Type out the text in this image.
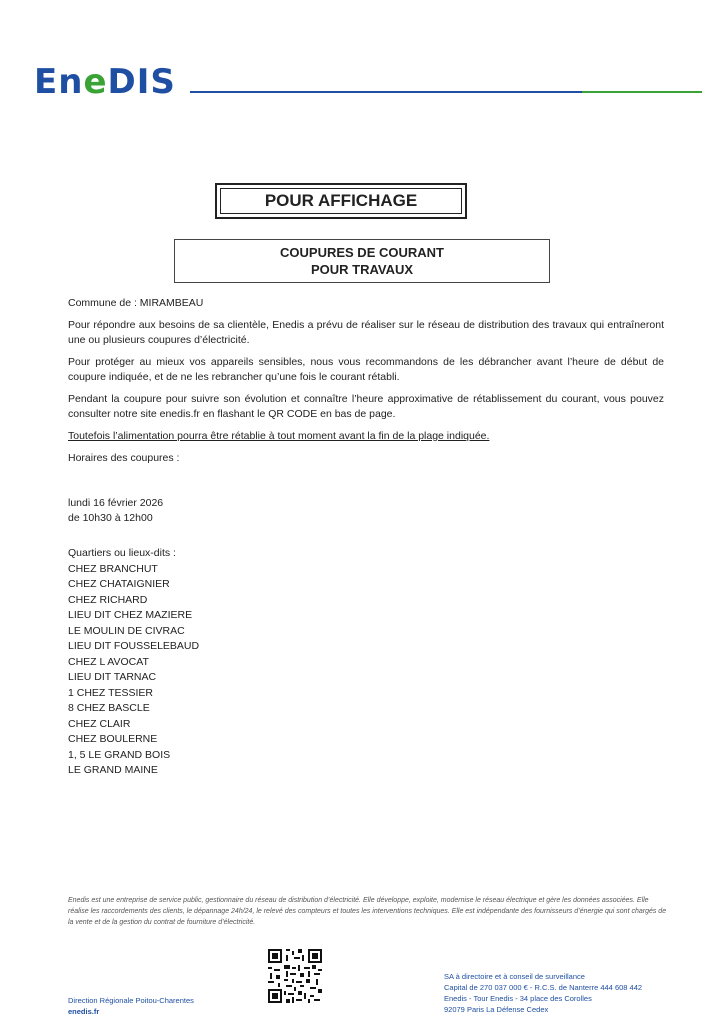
EneDIS
POUR AFFICHAGE
COUPURES DE COURANT
POUR TRAVAUX

Commune de : MIRAMBEAU

Pour répondre aux besoins de sa clientèle, Enedis a prévu de réaliser sur le réseau de distribution des travaux qui entraîneront une ou plusieurs coupures d’électricité.

Pour protéger au mieux vos appareils sensibles, nous vous recommandons de les débrancher avant l’heure de début de coupure indiquée, et de ne les rebrancher qu’une fois le courant rétabli.

Pendant la coupure pour suivre son évolution et connaître l’heure approximative de rétablissement du courant, vous pouvez consulter notre site enedis.fr en flashant le QR CODE en bas de page.

Toutefois l’alimentation pourra être rétablie à tout moment avant la fin de la plage indiquée.

Horaires des coupures :

lundi 16 février 2026
de 10h30 à 12h00
Quartiers ou lieux-dits :
CHEZ BRANCHUT
CHEZ CHATAIGNIER
CHEZ RICHARD
LIEU DIT CHEZ MAZIERE
LE MOULIN DE CIVRAC
LIEU DIT FOUSSELEBAUD
CHEZ L AVOCAT
LIEU DIT TARNAC
1 CHEZ TESSIER
8 CHEZ BASCLE
CHEZ CLAIR
CHEZ BOULERNE
1, 5 LE GRAND BOIS
LE GRAND MAINE
Enedis est une entreprise de service public, gestionnaire du réseau de distribution d’électricité. Elle développe, exploite, modernise le réseau électrique et gère les données associées. Elle réalise les raccordements des clients, le dépannage 24h/24, le relevé des compteurs et toutes les interventions techniques. Elle est indépendante des fournisseurs d’énergie qui sont chargés de la vente et de la gestion du contrat de fourniture d’électricité.
Direction Régionale Poitou-Charentes
enedis.fr
SA à directoire et à conseil de surveillance
Capital de 270 037 000 € - R.C.S. de Nanterre 444 608 442
Enedis - Tour Enedis - 34 place des Corolles
92079 Paris La Défense Cedex
